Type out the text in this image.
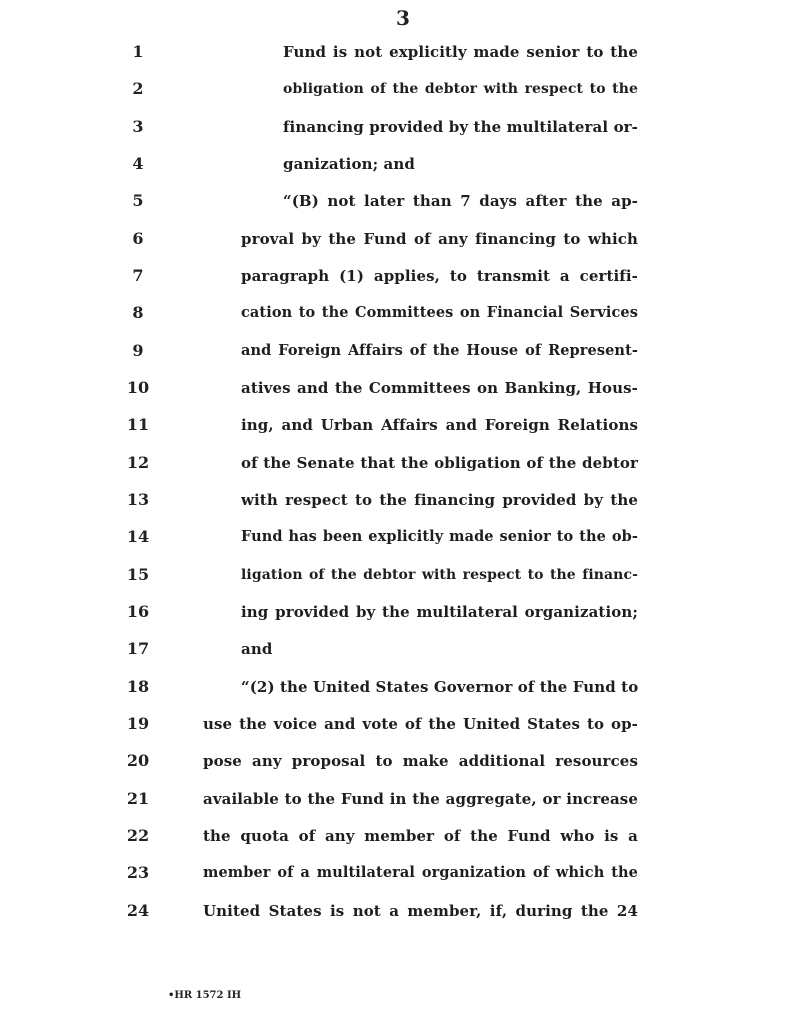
3
1	Fund is not explicitly made senior to the
2	obligation of the debtor with respect to the
3	financing provided by the multilateral or-
4	ganization; and
5	“(B) not later than 7 days after the ap-
6	proval by the Fund of any financing to which
7	paragraph (1) applies, to transmit a certifi-
8	cation to the Committees on Financial Services
9	and Foreign Affairs of the House of Represent-
10	atives and the Committees on Banking, Hous-
11	ing, and Urban Affairs and Foreign Relations
12	of the Senate that the obligation of the debtor
13	with respect to the financing provided by the
14	Fund has been explicitly made senior to the ob-
15	ligation of the debtor with respect to the financ-
16	ing provided by the multilateral organization;
17	and
18	“(2) the United States Governor of the Fund to
19	use the voice and vote of the United States to op-
20	pose any proposal to make additional resources
21	available to the Fund in the aggregate, or increase
22	the quota of any member of the Fund who is a
23	member of a multilateral organization of which the
24	United States is not a member, if, during the 24
•HR 1572 IH
